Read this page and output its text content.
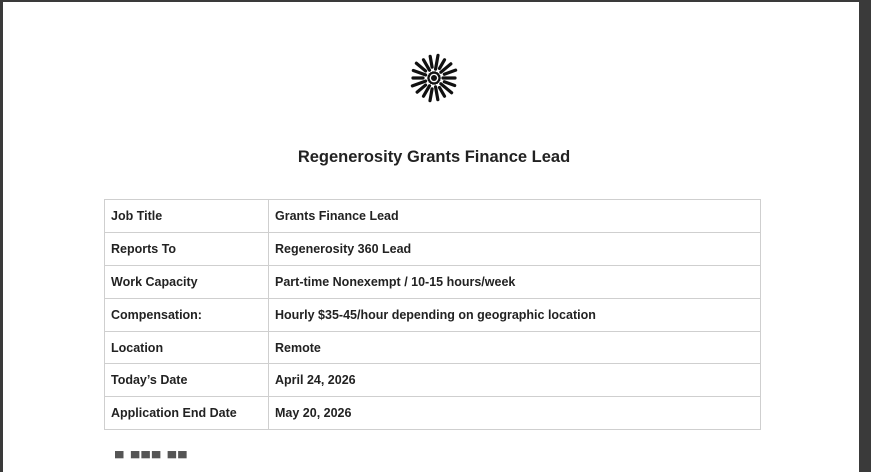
Regenerosity Grants Finance Lead
Job Title	Grants Finance Lead
Reports To	Regenerosity 360 Lead
Work Capacity	Part-time Nonexempt / 10-15 hours/week
Compensation:	Hourly $35-45/hour depending on geographic location
Location	Remote
Today’s Date	April 24, 2026
Application End Date	May 20, 2026
▀ ▀▀▀ ▀▀
